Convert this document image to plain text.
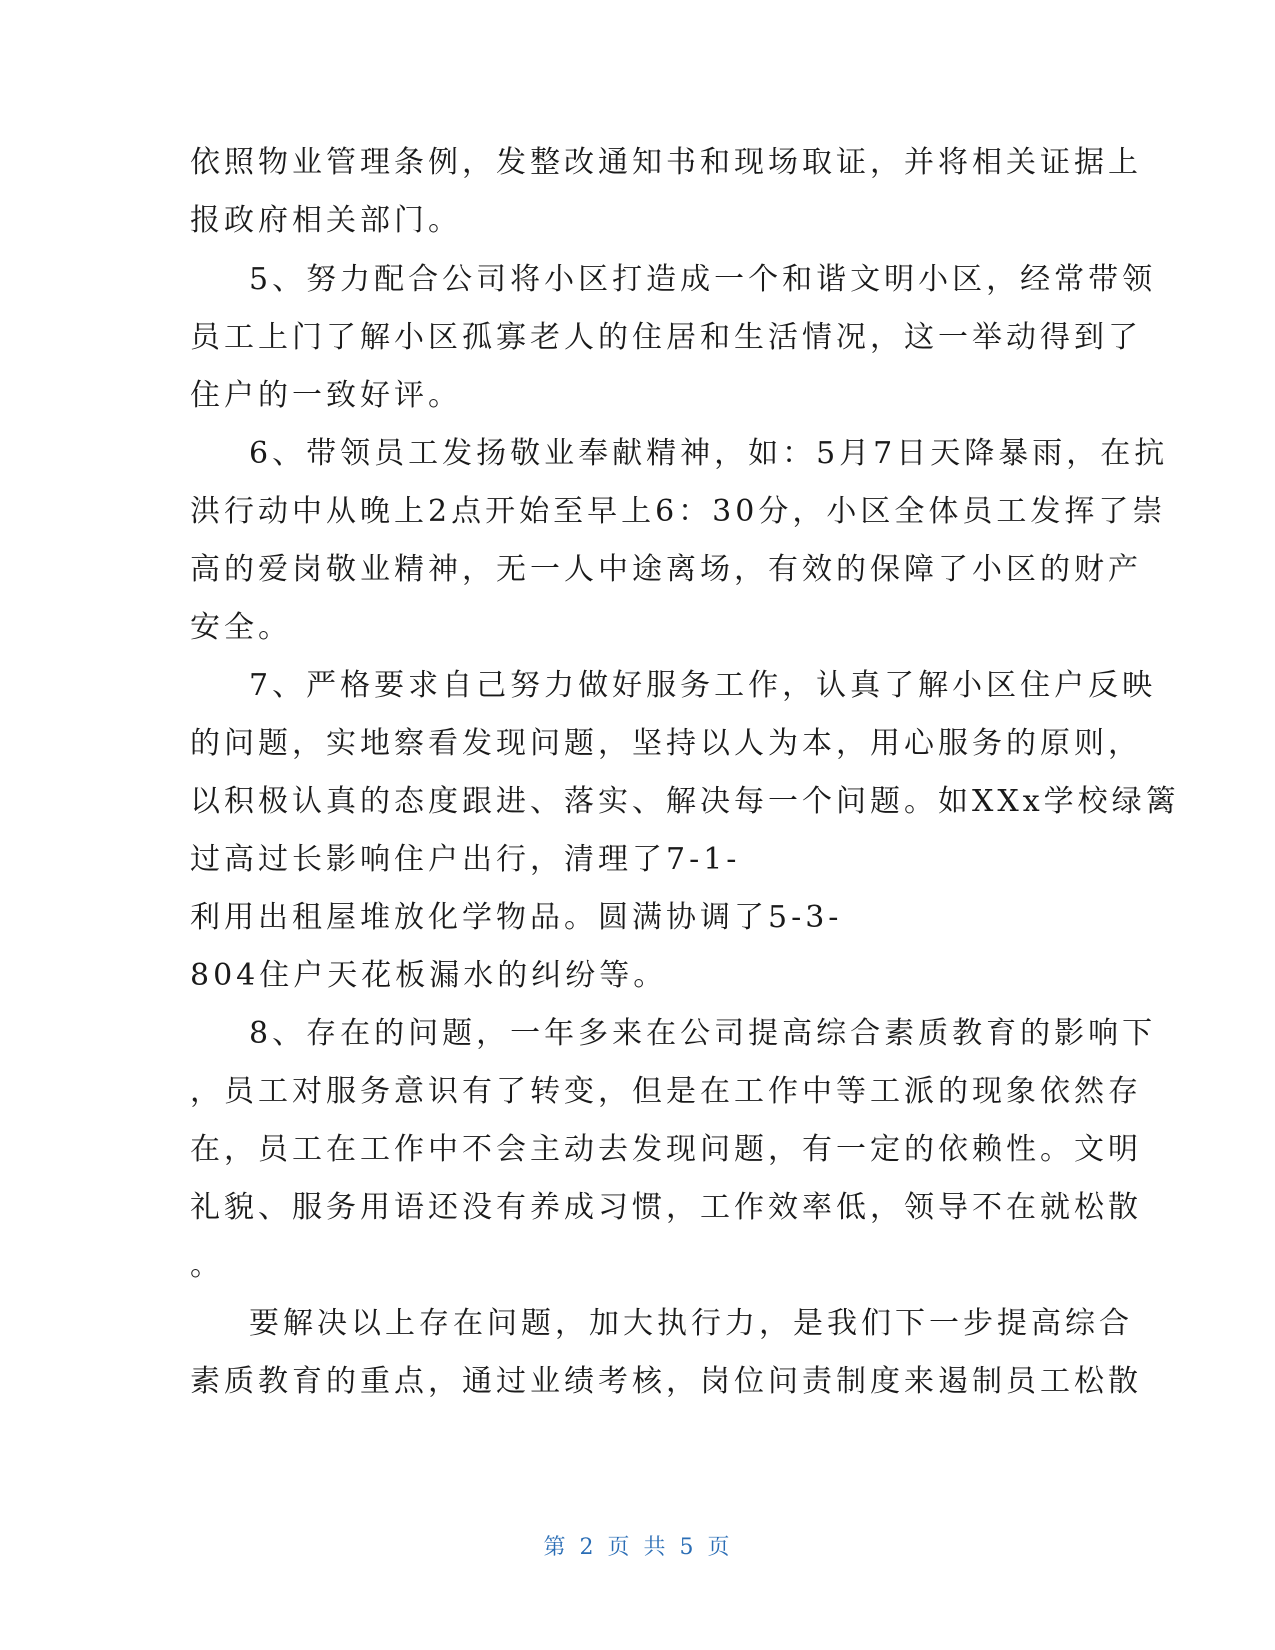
依照物业管理条例，发整改通知书和现场取证，并将相关证据上
报政府相关部门。
5、努力配合公司将小区打造成一个和谐文明小区，经常带领
员工上门了解小区孤寡老人的住居和生活情况，这一举动得到了
住户的一致好评。
6、带领员工发扬敬业奉献精神，如：5月7日天降暴雨，在抗
洪行动中从晚上2点开始至早上6：30分，小区全体员工发挥了崇
高的爱岗敬业精神，无一人中途离场，有效的保障了小区的财产
安全。
7、严格要求自己努力做好服务工作，认真了解小区住户反映
的问题，实地察看发现问题，坚持以人为本，用心服务的原则，
以积极认真的态度跟进、落实、解决每一个问题。如XXx学校绿篱
过高过长影响住户出行，清理了7-1-
利用出租屋堆放化学物品。圆满协调了5-3-
804住户天花板漏水的纠纷等。
8、存在的问题，一年多来在公司提高综合素质教育的影响下
，员工对服务意识有了转变，但是在工作中等工派的现象依然存
在，员工在工作中不会主动去发现问题，有一定的依赖性。文明
礼貌、服务用语还没有养成习惯，工作效率低，领导不在就松散
。
要解决以上存在问题，加大执行力，是我们下一步提高综合
素质教育的重点，通过业绩考核，岗位问责制度来遏制员工松散
第 2 页 共 5 页
